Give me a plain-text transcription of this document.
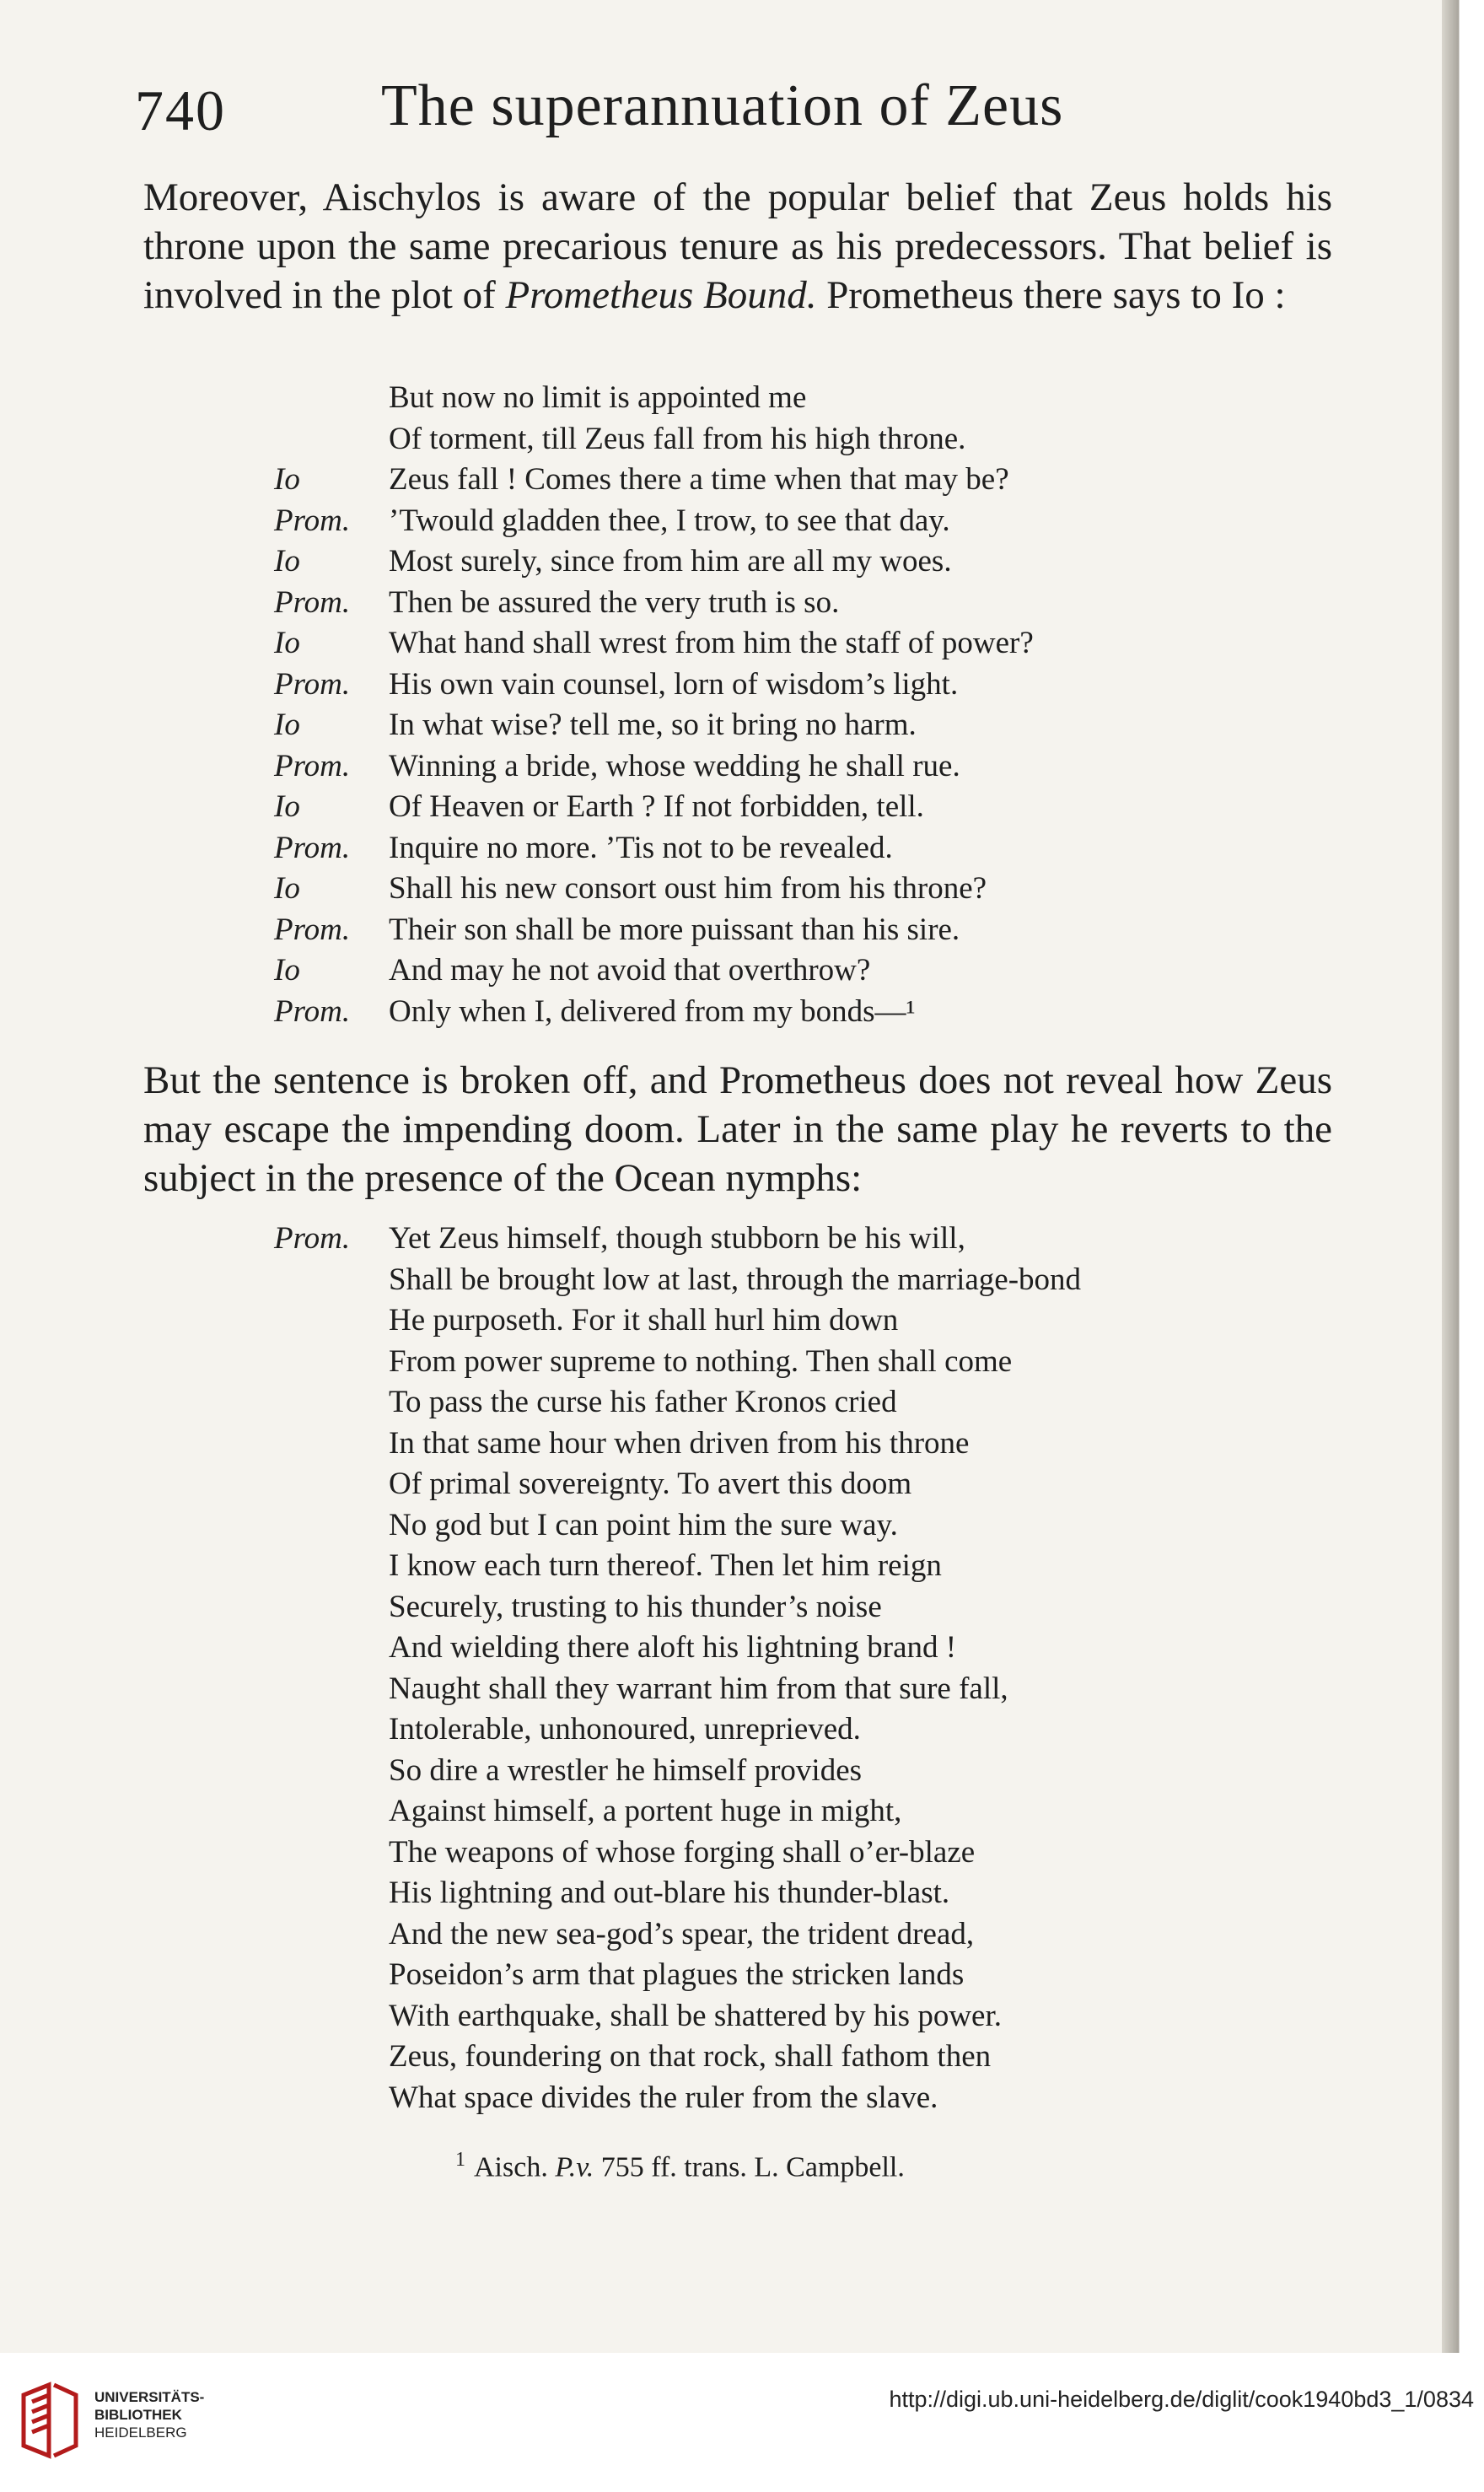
740	The superannuation of Zeus
Moreover, Aischylos is aware of the popular belief that Zeus holds his throne upon the same precarious tenure as his predecessors. That belief is involved in the plot of Prometheus Bound. Prometheus there says to Io :
But now no limit is appointed me
Of torment, till Zeus fall from his high throne.
Io	Zeus fall ! Comes there a time when that may be?
Prom. ’Twould gladden thee, I trow, to see that day.
Io	Most surely, since from him are all my woes.
Prom. Then be assured the very truth is so.
Io	What hand shall wrest from him the staff of power?
Prom. His own vain counsel, lorn of wisdom’s light.
Io	In what wise? tell me, so it bring no harm.
Prom. Winning a bride, whose wedding he shall rue.
Io	Of Heaven or Earth ? If not forbidden, tell.
Prom. Inquire no more. ’Tis not to be revealed.
Io	Shall his new consort oust him from his throne?
Prom. Their son shall be more puissant than his sire.
Io	And may he not avoid that overthrow?
Prom. Only when I, delivered from my bonds—¹
But the sentence is broken off, and Prometheus does not reveal how Zeus may escape the impending doom. Later in the same play he reverts to the subject in the presence of the Ocean nymphs:
Prom. Yet Zeus himself, though stubborn be his will,
Shall be brought low at last, through the marriage-bond
He purposeth. For it shall hurl him down
From power supreme to nothing. Then shall come
To pass the curse his father Kronos cried
In that same hour when driven from his throne
Of primal sovereignty. To avert this doom
No god but I can point him the sure way.
I know each turn thereof. Then let him reign
Securely, trusting to his thunder’s noise
And wielding there aloft his lightning brand !
Naught shall they warrant him from that sure fall,
Intolerable, unhonoured, unreprieved.
So dire a wrestler he himself provides
Against himself, a portent huge in might,
The weapons of whose forging shall o’er-blaze
His lightning and out-blare his thunder-blast.
And the new sea-god’s spear, the trident dread,
Poseidon’s arm that plagues the stricken lands
With earthquake, shall be shattered by his power.
Zeus, foundering on that rock, shall fathom then
What space divides the ruler from the slave.
$^1$ Aisch. P.v. 755 ff. trans. L. Campbell.
UNIVERSITÄTS-
BIBLIOTHEK
HEIDELBERG
http://digi.ub.uni-heidelberg.de/diglit/cook1940bd3_1/0834
